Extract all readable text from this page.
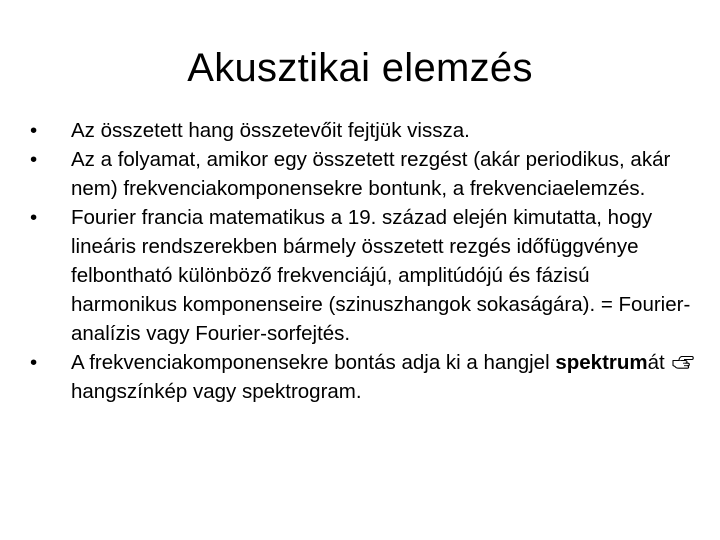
Akusztikai elemzés
•	Az összetett hang összetevőit fejtjük vissza.
•	Az a folyamat, amikor egy összetett rezgést (akár periodikus, akár nem) frekvenciakomponensekre bontunk, a frekvenciaelemzés.
•	Fourier francia matematikus a 19. század elején kimutatta, hogy lineáris rendszerekben bármely összetett rezgés időfüggvénye felbontható különböző frekvenciájú, amplitúdójú és fázisú harmonikus komponenseire (szinuszhangok sokaságára). = Fourier-analízis vagy Fourier-sorfejtés.
•	A frekvenciakomponensekre bontás adja ki a hangjel spektrumát  hangszínkép vagy spektrogram.
